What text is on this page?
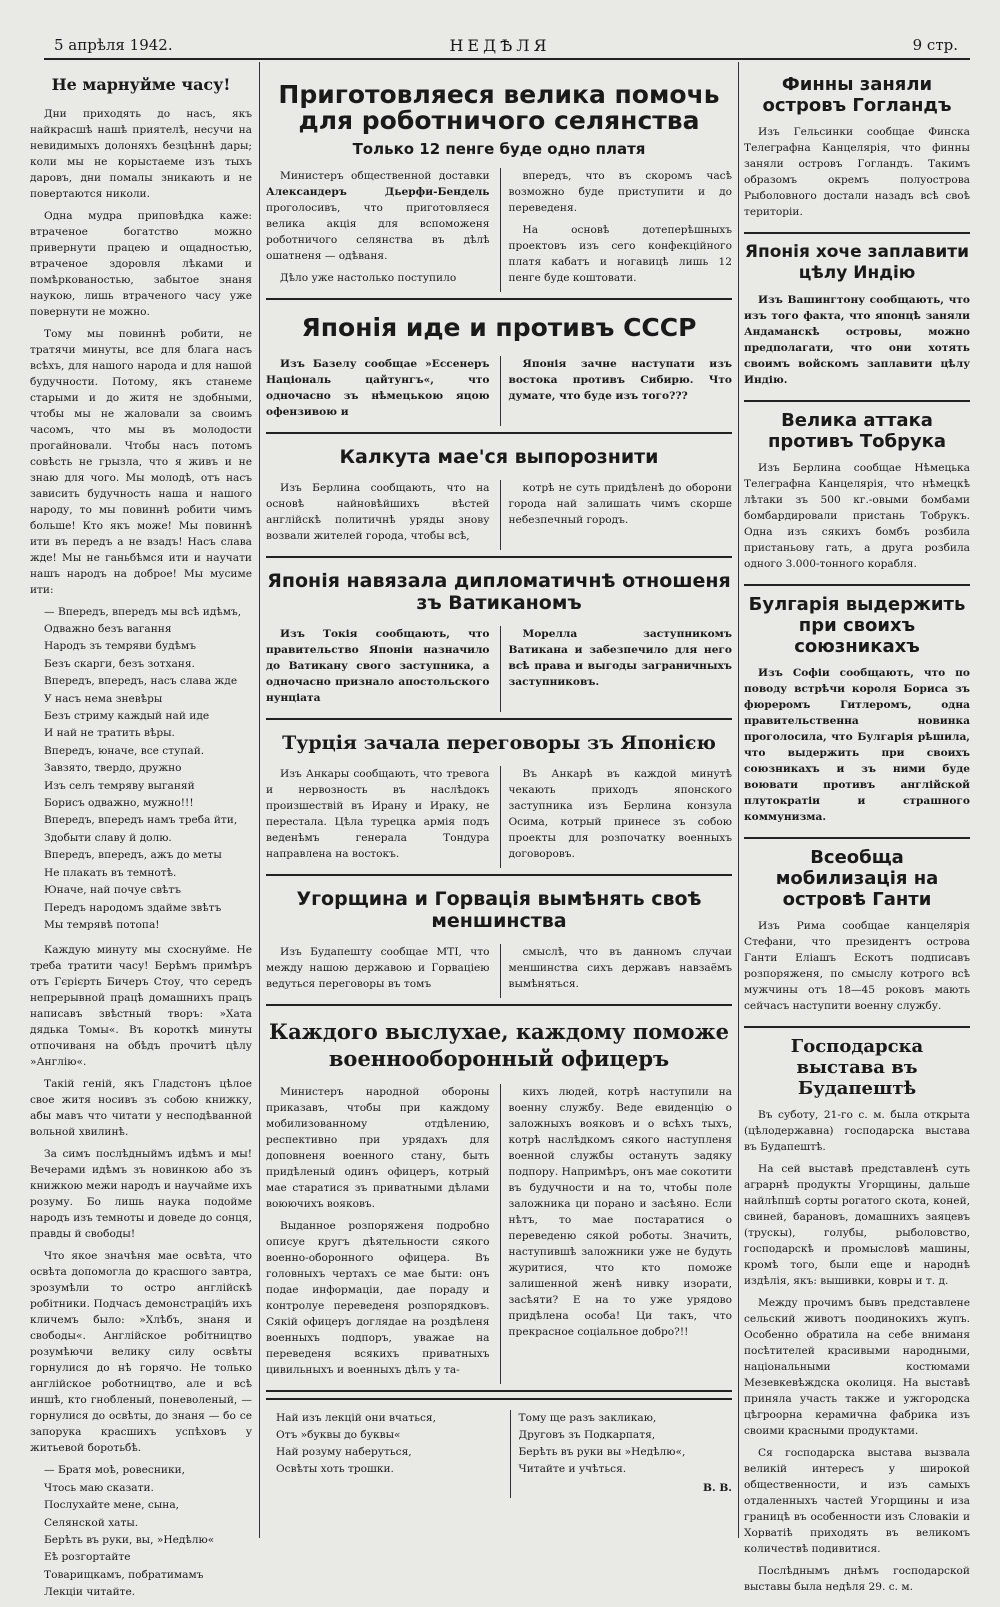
5 апрѣля 1942.	НЕДѢЛЯ	9 стр.
Не марнуйме часу!

Дни приходять до насъ, якъ найкрасшѣ нашѣ приятелѣ, несучи на невидимыхъ долоняхъ безцѣннѣ дары; коли мы не корыстаеме изъ тыхъ даровъ, дни помалы зникають и не повертаются николи.

Одна мудра приповѣдка каже: втраченое богатство можно привернути працею и ощадностью, втраченое здоровля лѣками и помѣркованостью, забытое знаня наукою, лишь втраченого часу уже повернути не можно.

Тому мы повиннѣ робити, не тратячи минуты, все для блага насъ всѣхъ, для нашого народа и для нашой будучности. Потому, якъ станеме старыми и до житя не здобными, чтобы мы не жаловали за своимъ часомъ, что мы въ молодости прогайновали. Чтобы насъ потомъ совѣсть не грызла, что я живъ и не знаю для чого. Мы молодѣ, отъ насъ зависить будучность наша и нашого народу, то мы повиннѣ робити чимъ больше! Кто якъ може! Мы повиннѣ ити въ передъ а не взадъ! Насъ слава жде! Мы не ганьбѣмся ити и научати нашъ народъ на доброе! Мы мусиме ити:

— Впередъ, впередъ мы всѣ идѣмъ,
Одважно безъ вагання
Народъ зъ темряви будѣмъ
Безъ скарги, безъ зотханя.
Впередъ, впередъ, насъ слава жде
У насъ нема зневѣры
Безъ стриму каждый най иде
И най не тратить вѣры.
Впередъ, юначе, все ступай.
Завзято, твердо, дружно
Изъ селъ темряву выганяй
Борисъ одважно, мужно!!!
Впередъ, впередъ намъ треба йти,
Здобыти славу й долю.
Впередъ, впередъ, ажъ до меты
Не плакать въ темнотѣ.
Юначе, най почуе свѣтъ
Передъ народомъ здайме звѣтъ
Мы темрявѣ потопа!

Каждую минуту мы схоснуйме. Не треба тратити часу! Берѣмъ примѣръ отъ Гєрієрть Бичеръ Стоу, что середъ непрерывной працѣ домашнихъ працъ написавъ звѣстный творъ: »Хата дядька Томы«. Въ короткѣ минуты отпочиваня на обѣдъ прочитѣ цѣлу »Англію«.

Такій геній, якъ Гладстонъ цѣлое свое житя носивъ зъ собою книжку, абы мавъ что читати у несподѣванной вольной хвилинѣ.

За симъ послѣдныймъ идѣмъ и мы! Вечерами идѣмъ зъ новинкою або зъ книжкою межи народъ и научайме ихъ розуму. Бо лишь наука подойме народъ изъ темноты и доведе до сонця, правды й свободы!

Что якое значѣня мае освѣта, что освѣта допомогла до красшого завтра, зрозумѣли то остро англійскѣ робітники. Подчасъ демонстраційъ ихъ кличемъ было: »Хлѣбъ, знаня и свободы«. Англійское робітництво розумѣючи велику силу освѣты горнулися до нѣ горячо. Не только англійское роботництво, але и всѣ иншѣ, кто гнобленый, поневоленый, — горнулися до освѣты, до знаня — бо се запорука красшихъ успѣховъ у житьевой боротьбѣ.

— Братя моѣ, ровесники,
Чтось маю сказати.
Послухайте мене, сына,
Селянской хаты.
Берѣть въ руки, вы, »Недѣлю«
Еѣ розгортайте
Товарищкамъ, побратимамъ
Лекціи читайте.
Приготовляеся велика помочь для роботничого селянства
Только 12 пенге буде одно платя

Министеръ общественной доставки Александеръ Дьерфи-Бендель проголосивъ, что приготовляеся велика акція для вспоможеня роботничого селянства въ дѣлѣ ошатненя — одѣваня.

Дѣло уже настолько поступило

впередъ, что въ скоромъ часѣ возможно буде приступити и до переведеня.

На основѣ дотеперѣшныхъ проектовъ изъ сего конфекційного платя кабатъ и ногавицѣ лишь 12 пенге буде коштовати.

Японія иде и противъ СССР

Изъ Базелу сообщае »Ессенеръ Національ цайтунгъ«, что одночасно зъ нѣмецькою яцою офензивою и

Японія зачне наступати изъ востока противъ Сибирю. Что думате, что буде изъ того???

Калкута мае'ся выпорознити

Изъ Берлина сообщають, что на основѣ найновѣйшихъ вѣстей англійскѣ политичнѣ уряды знову возвали жителей города, чтобы всѣ,

котрѣ не суть придѣленѣ до оборони города най залишать чимъ скорше небезпечный городъ.

Японія навязала дипломатичнѣ отношеня зъ Ватиканомъ

Изъ Токія сообщають, что правительство Японіи назначило до Ватикану свого заступника, а одночасно признало апостольского нунціата

Морелла заступникомъ Ватикана и забезпечило для него всѣ права и выгоды заграничныхъ заступниковъ.

Турція зачала переговоры зъ Японією

Изъ Анкары сообщають, что тревога и нервозность въ наслѣдокъ произшествій въ Ирану и Ираку, не перестала. Цѣла турецка армія подъ веденѣмъ генерала Тондура направлена на востокъ.

Въ Анкарѣ въ каждой минутѣ чекають приходъ японского заступника изъ Берлина конзула Осима, котрый принесе зъ собою проекты для розпочатку военныхъ договоровъ.

Угорщина и Горвація вымѣнять своѣ меншинства

Изъ Будапешту сообщае МТІ, что между нашою державою и Горваціею ведуться переговоры въ томъ

смыслѣ, что въ данномъ случаи меншинства сихъ державъ навзаёмъ вымѣняться.

Каждого выслухае, каждому поможе военнооборонный офицеръ

Министеръ народной обороны приказавъ, чтобы при каждому мобилизованному отдѣлению, респективно при урядахъ для доповненя военного стану, быть придѣленый одинъ офицеръ, котрый мае старатися зъ приватными дѣлами воюючихъ вояковъ.

Выданное розпоряженя подробно описуе кругъ дѣятельности сякого военно-оборонного офицера. Въ головныхъ чертахъ се мае быти: онъ подае информаціи, дае пораду и контролуе переведеня розпорядковъ. Сякій офицеръ доглядае на роздѣленя военныхъ подпоръ, уважае на переведеня всякихъ приватныхъ цивильныхъ и военныхъ дѣлъ у та-

кихъ людей, котрѣ наступили на военну службу. Веде евиденцію о заложныхъ вояковъ и о всѣхъ тыхъ, котрѣ наслѣдкомъ сякого наступленя военной службы остануть задяку подпору. Напримѣръ, онъ мае сокотити въ будучности и на то, чтобы поле заложника ци порано и засѣяно. Если нѣтъ, то мае постаратися о переведеню сякой роботы. Значить, наступившѣ заложники уже не будуть журитися, что кто поможе залишенной женѣ нивку изорати, засѣяти? Е на то уже урядово придѣлена особа! Ци такъ, что прекрасное соціальное добро?!!

Най изъ лекцій они вчаться,
Отъ »буквы до буквы«
Най розуму наберуться,
Освѣты хоть трошки.
Тому ще разъ закликаю,
Друговъ зъ Подкарпатя,
Берѣть въ руки вы »Недѣлю«,
Читайте и учѣться.
В. В.
Финны заняли островъ Гогландъ

Изъ Гельсинки сообщае Финска Телеграфна Канцелярія, что финны заняли островъ Гогландъ. Такимъ образомъ окремъ полуострова Рыболовного достали назадъ всѣ своѣ територіи.

Японія хоче заплавити цѣлу Индію

Изъ Вашингтону сообщають, что изъ того факта, что японцѣ заняли Андаманскѣ островы, можно предполагати, что они хотять своимъ войскомъ заплавити цѣлу Индію.

Велика аттака противъ Тобрука

Изъ Берлина сообщае Нѣмецька Телеграфна Канцелярія, что нѣмецкѣ лѣтаки зъ 500 кг.-овыми бомбами бомбардировали пристань Тобрукъ. Одна изъ сякихъ бомбъ розбила пристаньову гать, а друга розбила одного 3.000-тонного корабля.

Булгарія выдержить при своихъ союзникахъ

Изъ Софіи сообщають, что по поводу встрѣчи короля Бориса зъ фюреромъ Гитлеромъ, одна правительственна новинка проголосила, что Булгарія рѣшила, что выдержить при своихъ союзникахъ и зъ ними буде воювати противъ англійской плутократіи и страшного коммунизма.

Всеобща мобилизація на островѣ Ганти

Изъ Рима сообщае канцелярія Стефани, что президентъ острова Ганти Еліашъ Ескотъ подписавъ розпоряженя, по смыслу котрого всѣ мужчины отъ 18—45 роковъ мають сейчасъ наступити военну службу.

Господарска выстава въ Будапештѣ

Въ суботу, 21-го с. м. была открыта (цѣлодержавна) господарска выстава въ Будапештѣ.

На сей выставѣ представленѣ суть аграрнѣ продукты Угорщины, дальше найлѣпшѣ сорты рогатого скота, коней, свиней, барановъ, домашнихъ заяцевъ (трускы), голубы, рыболовство, господарскѣ и промысловѣ машины, кромѣ того, были еще и народнѣ издѣлія, якъ: вышивки, ковры и т. д.

Между прочимъ бывъ представлене сельский животъ поодинокихъ жупъ. Особенно обратила на себе вниманя посѣтителей красивыми народными, національными костюмами Мезевкевѣждска околиця. На выставѣ приняла участь также и ужгородска цѣгроорна керамична фабрика изъ своими красными продуктами.

Ся господарска выстава вызвала великій интересъ у широкой общественности, и изъ самыхъ отдаленныхъ частей Угорщины и иза границѣ въ особенности изъ Словакіи и Хорватіѣ приходять въ великомъ количествѣ подивитися.

Послѣднымъ днѣмъ господарской выставы была недѣля 29. с. м.
